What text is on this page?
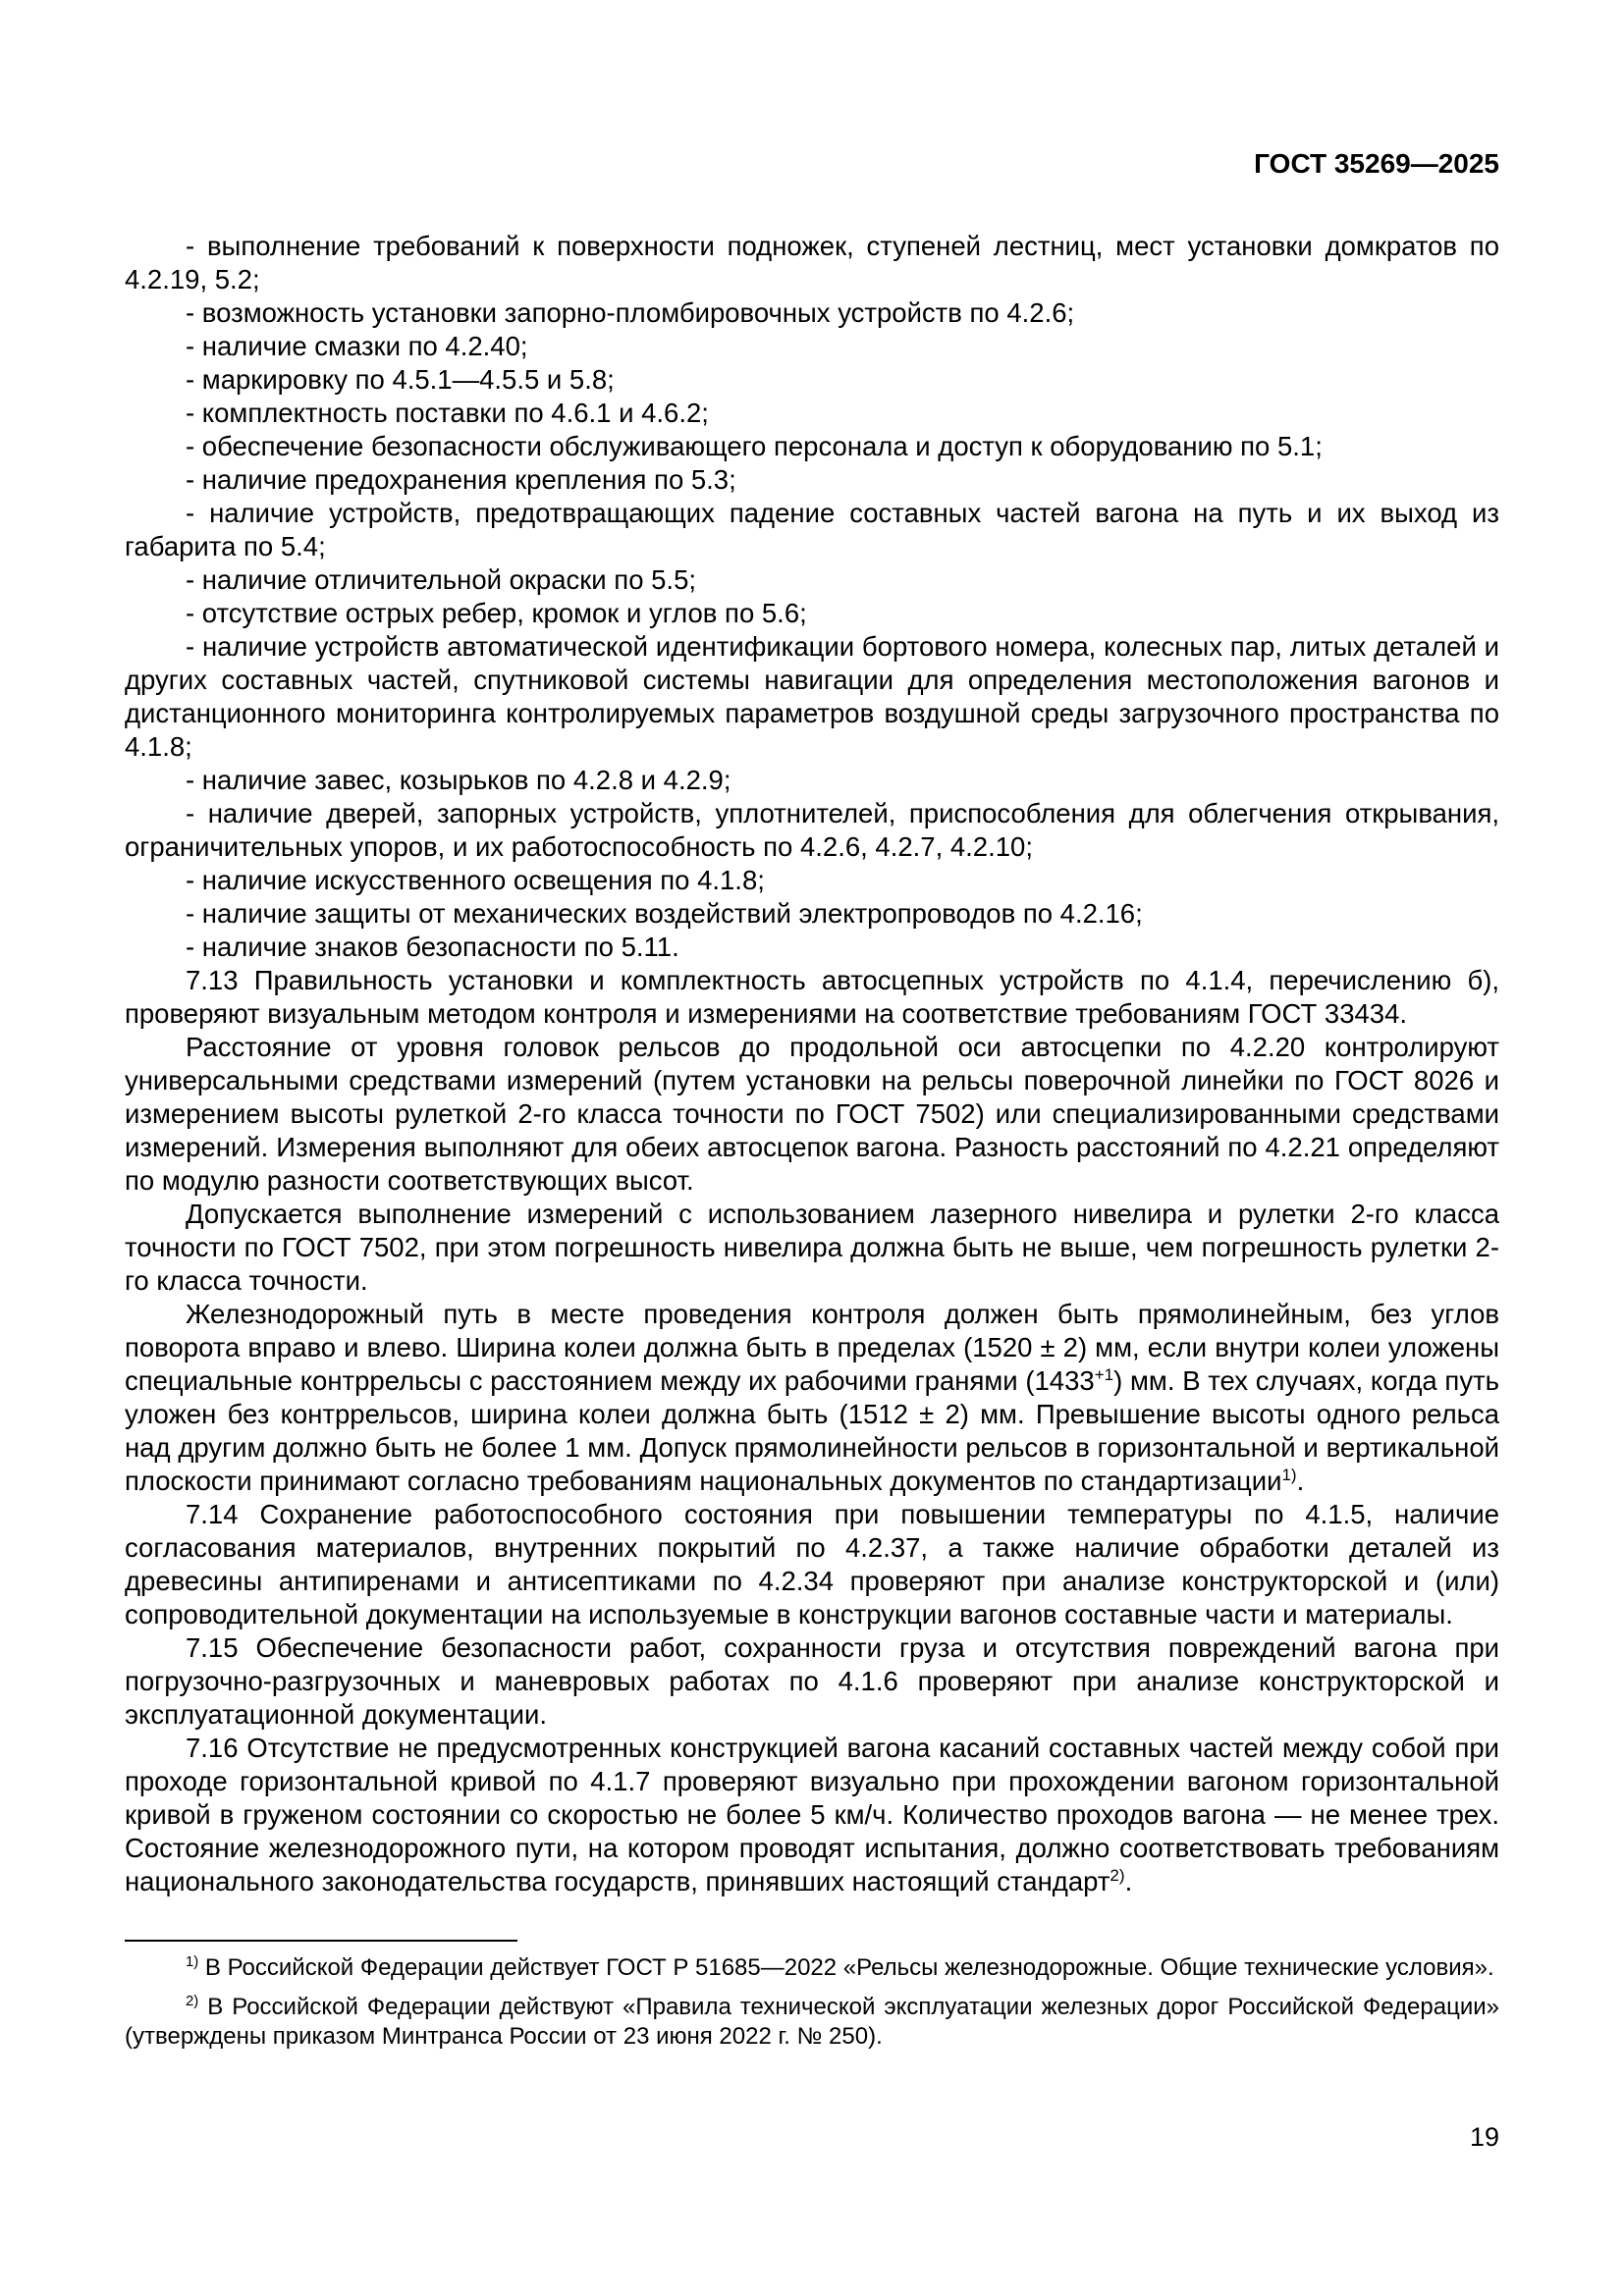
ГОСТ 35269—2025

- выполнение требований к поверхности подножек, ступеней лестниц, мест установки домкратов по 4.2.19, 5.2;

- возможность установки запорно-пломбировочных устройств по 4.2.6;

- наличие смазки по 4.2.40;

- маркировку по 4.5.1—4.5.5 и 5.8;

- комплектность поставки по 4.6.1 и 4.6.2;

- обеспечение безопасности обслуживающего персонала и доступ к оборудованию по 5.1;

- наличие предохранения крепления по 5.3;

- наличие устройств, предотвращающих падение составных частей вагона на путь и их выход из габарита по 5.4;

- наличие отличительной окраски по 5.5;

- отсутствие острых ребер, кромок и углов по 5.6;

- наличие устройств автоматической идентификации бортового номера, колесных пар, литых деталей и других составных частей, спутниковой системы навигации для определения местоположения вагонов и дистанционного мониторинга контролируемых параметров воздушной среды загрузочного пространства по 4.1.8;

- наличие завес, козырьков по 4.2.8 и 4.2.9;

- наличие дверей, запорных устройств, уплотнителей, приспособления для облегчения открывания, ограничительных упоров, и их работоспособность по 4.2.6, 4.2.7, 4.2.10;

- наличие искусственного освещения по 4.1.8;

- наличие защиты от механических воздействий электропроводов по 4.2.16;

- наличие знаков безопасности по 5.11.

7.13 Правильность установки и комплектность автосцепных устройств по 4.1.4, перечислению б), проверяют визуальным методом контроля и измерениями на соответствие требованиям ГОСТ 33434.

Расстояние от уровня головок рельсов до продольной оси автосцепки по 4.2.20 контролируют универсальными средствами измерений (путем установки на рельсы поверочной линейки по ГОСТ 8026 и измерением высоты рулеткой 2-го класса точности по ГОСТ 7502) или специализированными средствами измерений. Измерения выполняют для обеих автосцепок вагона. Разность расстояний по 4.2.21 определяют по модулю разности соответствующих высот.

Допускается выполнение измерений с использованием лазерного нивелира и рулетки 2-го класса точности по ГОСТ 7502, при этом погрешность нивелира должна быть не выше, чем погрешность рулетки 2-го класса точности.

Железнодорожный путь в месте проведения контроля должен быть прямолинейным, без углов поворота вправо и влево. Ширина колеи должна быть в пределах (1520 ± 2) мм, если внутри колеи уложены специальные контррельсы с расстоянием между их рабочими гранями $(1433^{+1})$ мм. В тех случаях, когда путь уложен без контррельсов, ширина колеи должна быть (1512 ± 2) мм. Превышение высоты одного рельса над другим должно быть не более 1 мм. Допуск прямолинейности рельсов в горизонтальной и вертикальной плоскости принимают согласно требованиям национальных документов по стандартизации$^{1)}$.

7.14 Сохранение работоспособного состояния при повышении температуры по 4.1.5, наличие согласования материалов, внутренних покрытий по 4.2.37, а также наличие обработки деталей из древесины антипиренами и антисептиками по 4.2.34 проверяют при анализе конструкторской и (или) сопроводительной документации на используемые в конструкции вагонов составные части и материалы.

7.15 Обеспечение безопасности работ, сохранности груза и отсутствия повреждений вагона при погрузочно-разгрузочных и маневровых работах по 4.1.6 проверяют при анализе конструкторской и эксплуатационной документации.

7.16 Отсутствие не предусмотренных конструкцией вагона касаний составных частей между собой при проходе горизонтальной кривой по 4.1.7 проверяют визуально при прохождении вагоном горизонтальной кривой в груженом состоянии со скоростью не более 5 км/ч. Количество проходов вагона — не менее трех. Состояние железнодорожного пути, на котором проводят испытания, должно соответствовать требованиям национального законодательства государств, принявших настоящий стандарт$^{2)}$.

$^{1)}$ В Российской Федерации действует ГОСТ Р 51685—2022 «Рельсы железнодорожные. Общие технические условия».

$^{2)}$ В Российской Федерации действуют «Правила технической эксплуатации железных дорог Российской Федерации» (утверждены приказом Минтранса России от 23 июня 2022 г. № 250).

19
